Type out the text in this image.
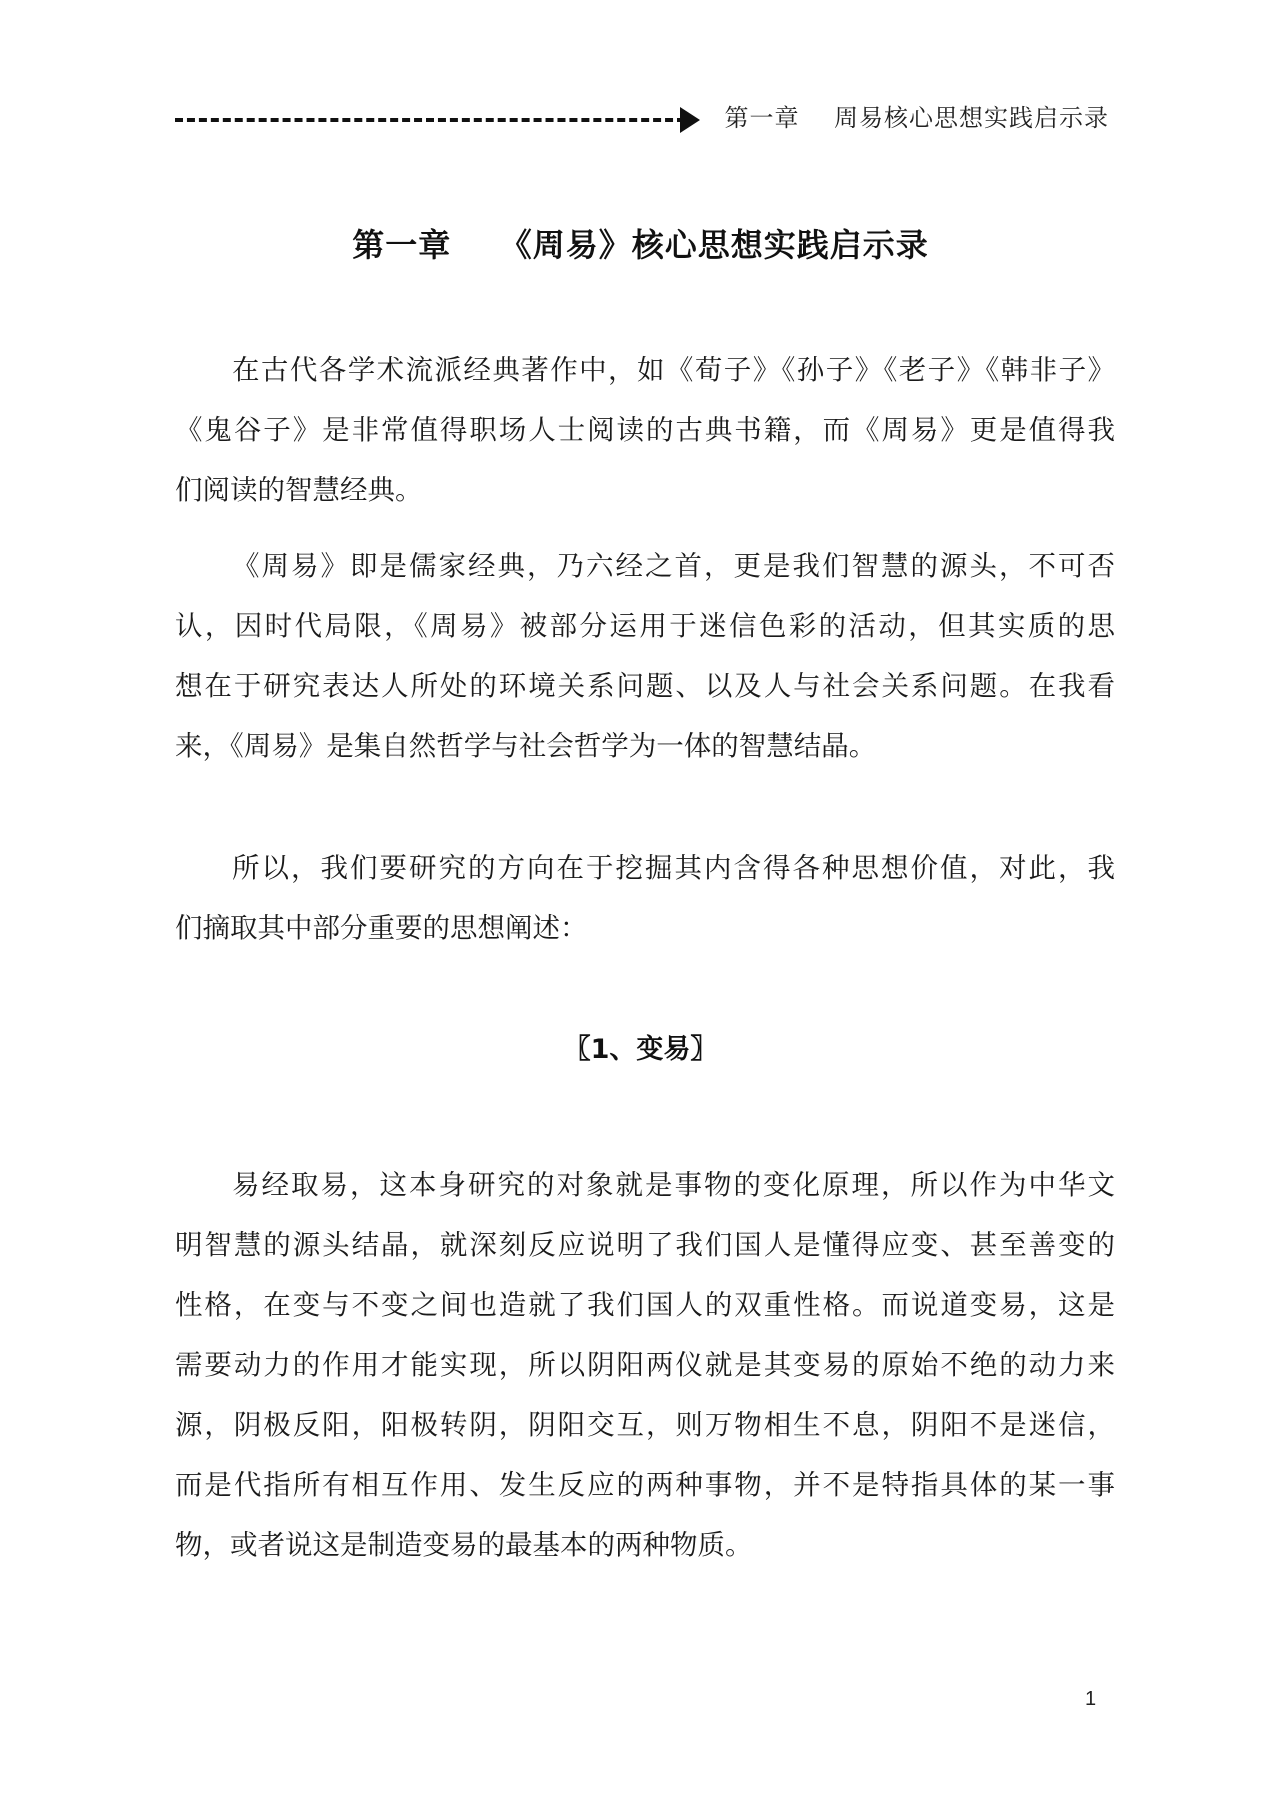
第一章    周易核心思想实践启示录
第一章    《周易》核心思想实践启示录
在古代各学术流派经典著作中，如《荀子》《孙子》《老子》《韩非子》
《鬼谷子》是非常值得职场人士阅读的古典书籍，而《周易》更是值得我
们阅读的智慧经典。
《周易》即是儒家经典，乃六经之首，更是我们智慧的源头，不可否
认，因时代局限，《周易》被部分运用于迷信色彩的活动，但其实质的思
想在于研究表达人所处的环境关系问题、以及人与社会关系问题。在我看
来，《周易》是集自然哲学与社会哲学为一体的智慧结晶。
所以，我们要研究的方向在于挖掘其内含得各种思想价值，对此，我
们摘取其中部分重要的思想阐述：
〖1、变易〗
易经取易，这本身研究的对象就是事物的变化原理，所以作为中华文
明智慧的源头结晶，就深刻反应说明了我们国人是懂得应变、甚至善变的
性格，在变与不变之间也造就了我们国人的双重性格。而说道变易，这是
需要动力的作用才能实现，所以阴阳两仪就是其变易的原始不绝的动力来
源，阴极反阳，阳极转阴，阴阳交互，则万物相生不息，阴阳不是迷信，
而是代指所有相互作用、发生反应的两种事物，并不是特指具体的某一事
物，或者说这是制造变易的最基本的两种物质。
1
